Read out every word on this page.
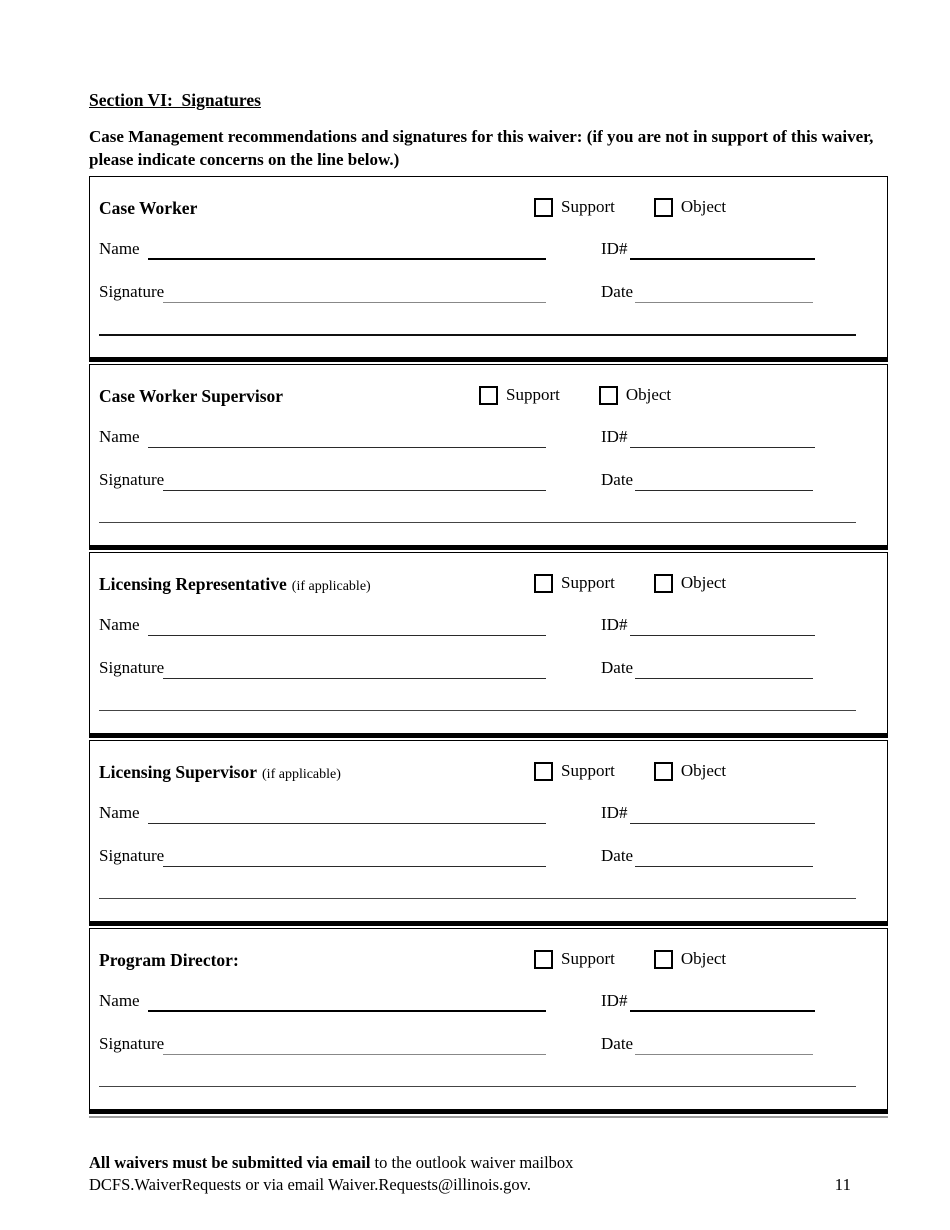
Section VI:  Signatures

Case Management recommendations and signatures for this waiver: (if you are not in support of this waiver, please indicate concerns on the line below.)

Case Worker	Support	Object
Name	ID#
Signature	Date
Case Worker Supervisor	Support	Object
Name	ID#
Signature	Date
Licensing Representative (if applicable)	Support	Object
Name	ID#
Signature	Date
Licensing Supervisor (if applicable)	Support	Object
Name	ID#
Signature	Date
Program Director:	Support	Object
Name	ID#
Signature	Date
All waivers must be submitted via email to the outlook waiver mailbox
DCFS.WaiverRequests or via email Waiver.Requests@illinois.gov.	11
